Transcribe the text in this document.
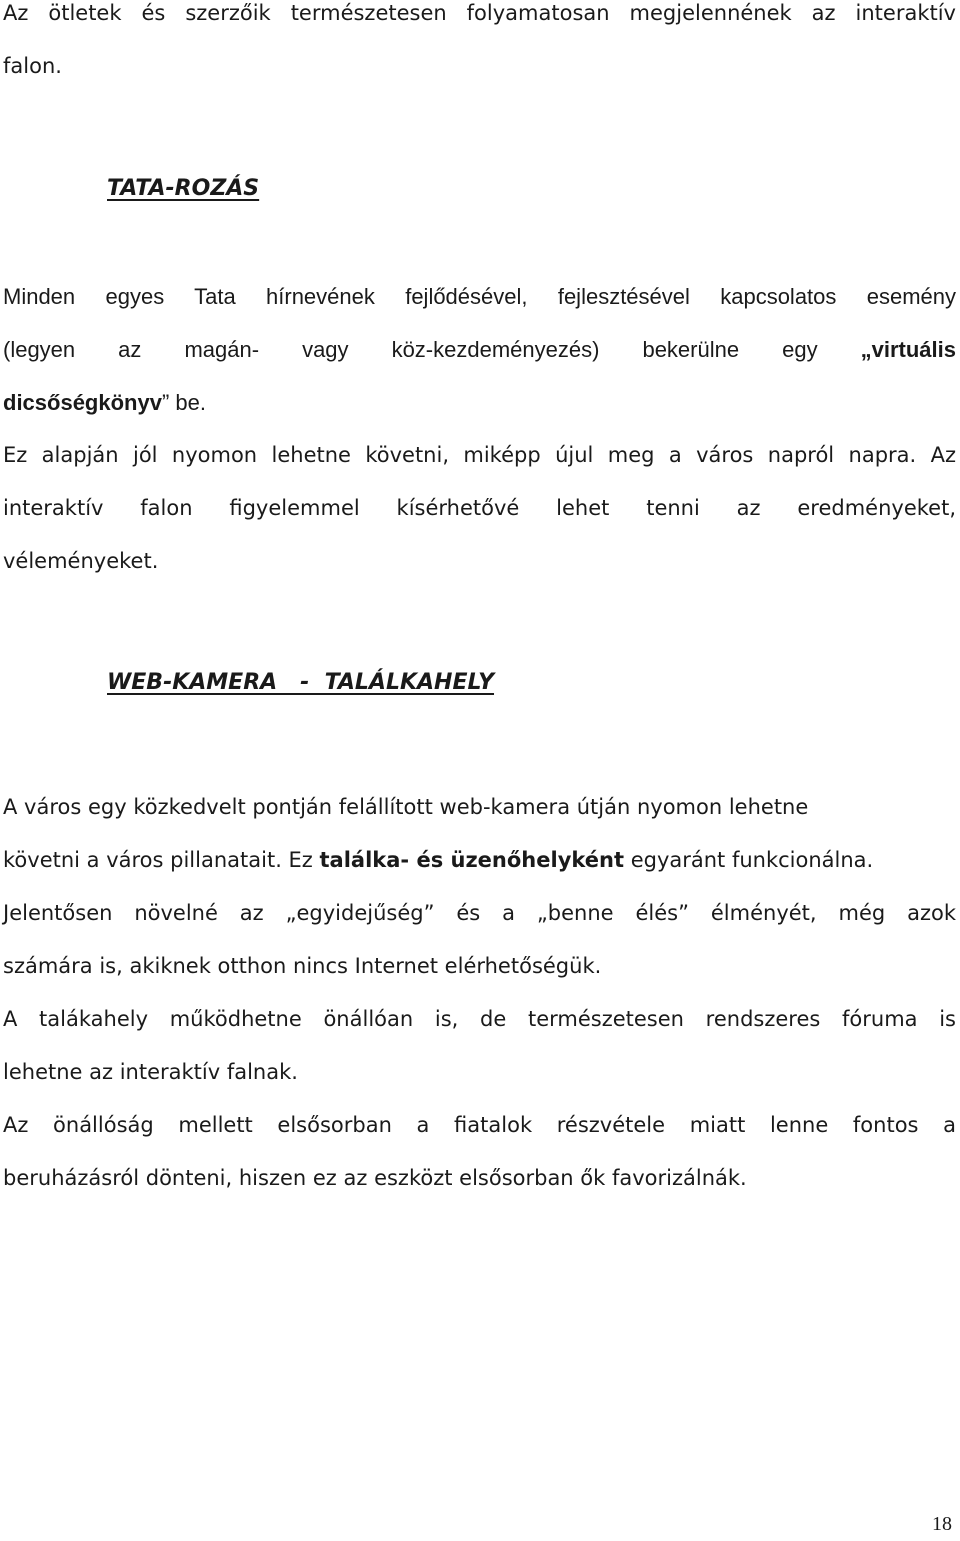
Az ötletek és szerzőik természetesen folyamatosan megjelennének az interaktív
falon.
TATA-ROZÁS
Minden egyes Tata hírnevének fejlődésével, fejlesztésével kapcsolatos esemény
(legyen az magán- vagy köz-kezdeményezés) bekerülne egy „virtuális
dicsőségkönyv” be.
Ez alapján jól nyomon lehetne követni, miképp újul meg a város napról napra. Az
interaktív falon figyelemmel kísérhetővé lehet tenni az eredményeket,
véleményeket.
WEB-KAMERA   -  TALÁLKAHELY
A város egy közkedvelt pontján felállított web-kamera útján nyomon lehetne
követni a város pillanatait. Ez találka- és üzenőhelyként egyaránt funkcionálna.
Jelentősen növelné az „egyidejűség” és a „benne élés” élményét, még azok
számára is, akiknek otthon nincs Internet elérhetőségük.
A talákahely működhetne önállóan is, de természetesen rendszeres fóruma is
lehetne az interaktív falnak.
Az önállóság mellett elsősorban a fiatalok részvétele miatt lenne fontos a
beruházásról dönteni, hiszen ez az eszközt elsősorban ők favorizálnák.
18
